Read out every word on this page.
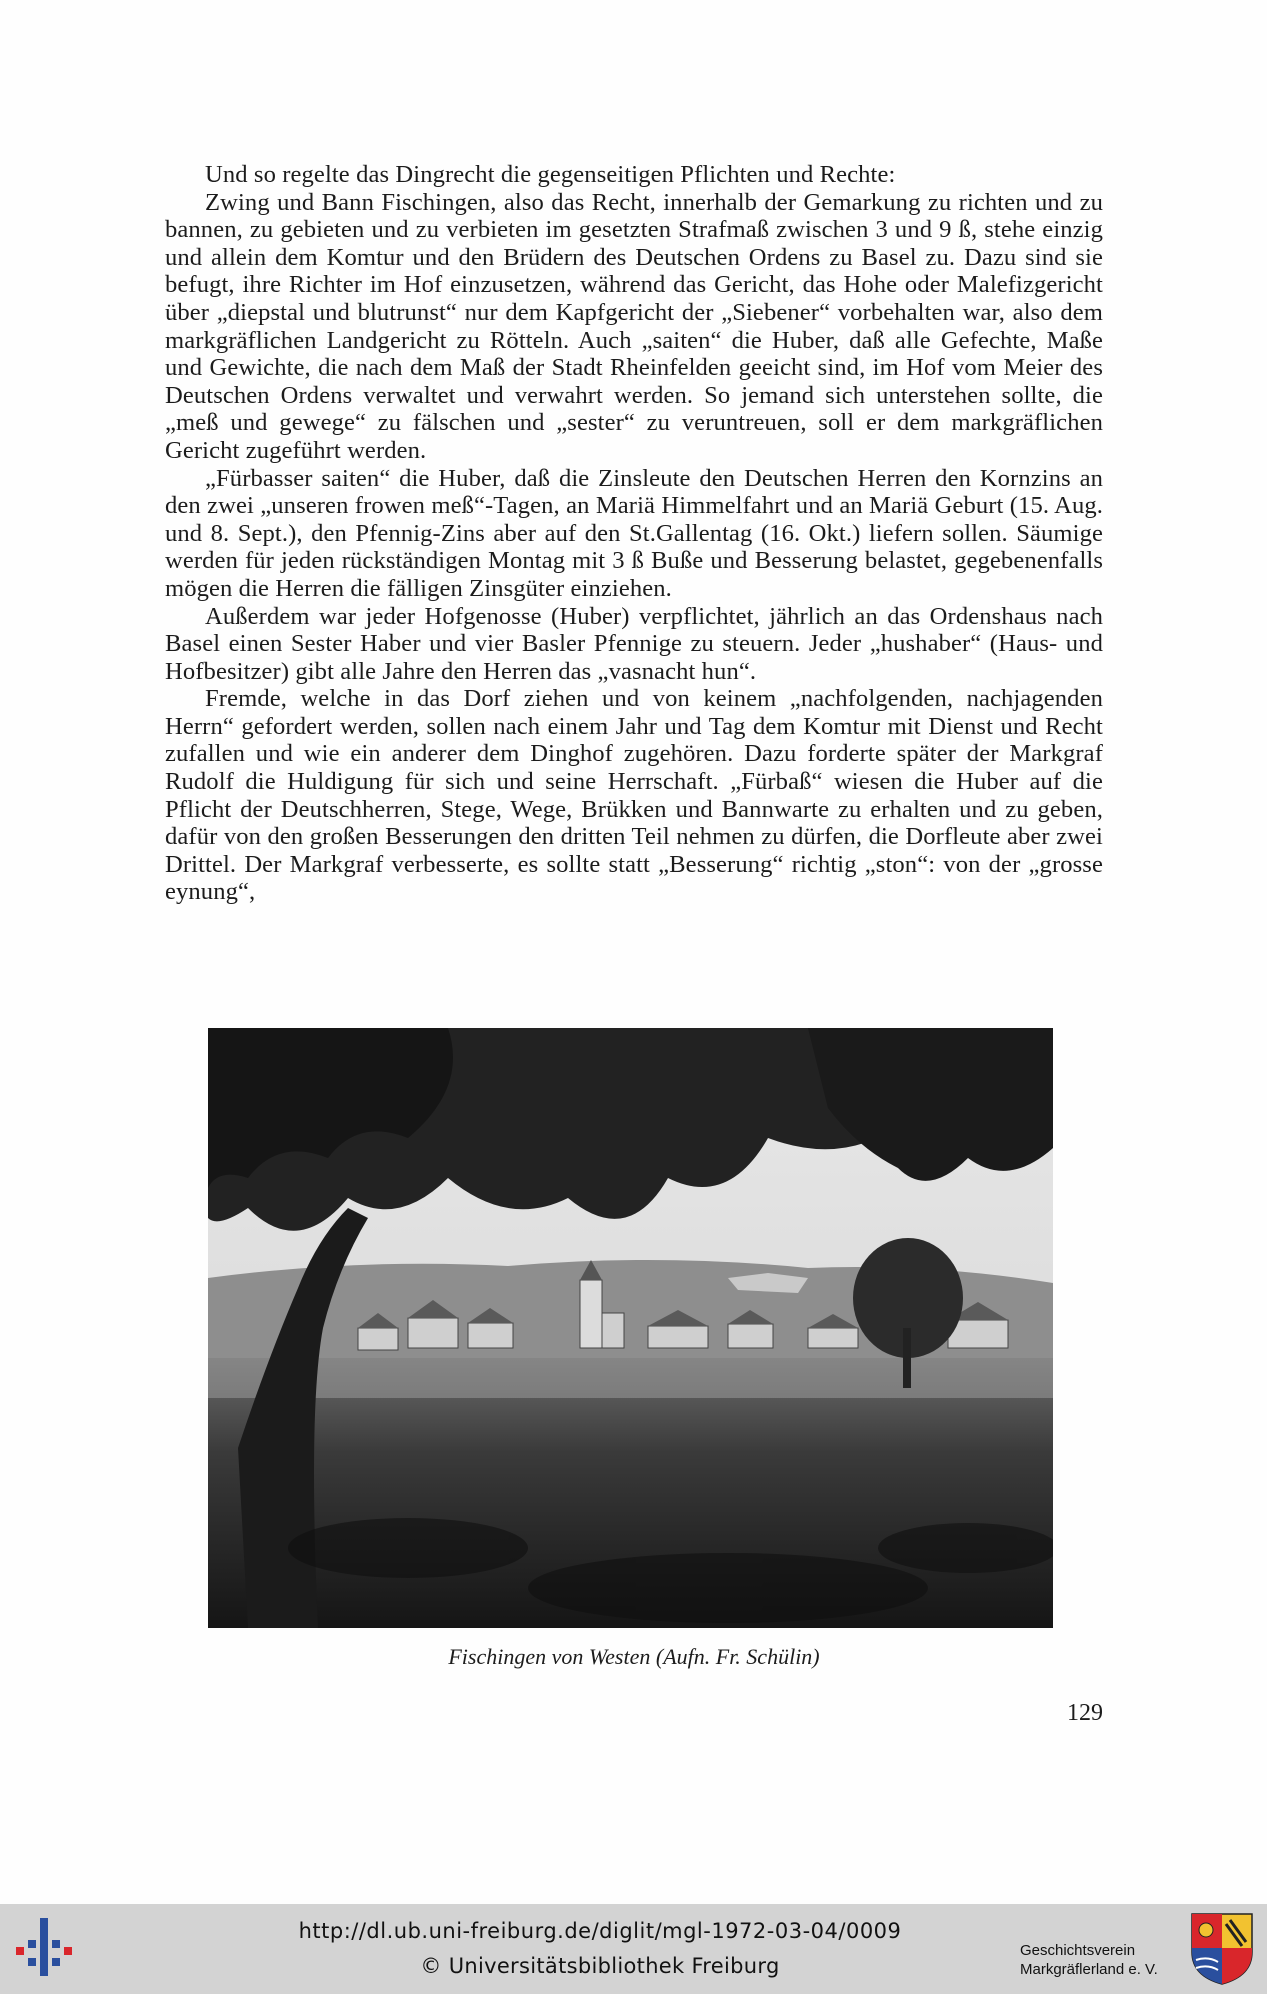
Und so regelte das Dingrecht die gegenseitigen Pflichten und Rechte:

Zwing und Bann Fischingen, also das Recht, innerhalb der Gemarkung zu richten und zu bannen, zu gebieten und zu verbieten im gesetzten Strafmaß zwischen 3 und 9 ß, stehe einzig und allein dem Komtur und den Brüdern des Deutschen Ordens zu Basel zu. Dazu sind sie befugt, ihre Richter im Hof einzusetzen, während das Gericht, das Hohe oder Malefizgericht über „diepstal und blutrunst“ nur dem Kapfgericht der „Siebener“ vorbehalten war, also dem markgräflichen Landgericht zu Rötteln. Auch „saiten“ die Huber, daß alle Gefechte, Maße und Gewichte, die nach dem Maß der Stadt Rheinfelden geeicht sind, im Hof vom Meier des Deutschen Ordens verwaltet und verwahrt werden. So jemand sich unterstehen sollte, die „meß und gewege“ zu fälschen und „sester“ zu veruntreuen, soll er dem markgräflichen Gericht zugeführt werden.

„Fürbasser saiten“ die Huber, daß die Zinsleute den Deutschen Herren den Kornzins an den zwei „unseren frowen meß“-Tagen, an Mariä Himmelfahrt und an Mariä Geburt (15. Aug. und 8. Sept.), den Pfennig-Zins aber auf den St.Gallentag (16. Okt.) liefern sollen. Säumige werden für jeden rückständigen Montag mit 3 ß Buße und Besserung belastet, gegebenenfalls mögen die Herren die fälligen Zinsgüter einziehen.

Außerdem war jeder Hofgenosse (Huber) verpflichtet, jährlich an das Ordenshaus nach Basel einen Sester Haber und vier Basler Pfennige zu steuern. Jeder „hushaber“ (Haus- und Hofbesitzer) gibt alle Jahre den Herren das „vasnacht hun“.

Fremde, welche in das Dorf ziehen und von keinem „nachfolgenden, nachjagenden Herrn“ gefordert werden, sollen nach einem Jahr und Tag dem Komtur mit Dienst und Recht zufallen und wie ein anderer dem Dinghof zugehören. Dazu forderte später der Markgraf Rudolf die Huldigung für sich und seine Herrschaft. „Fürbaß“ wiesen die Huber auf die Pflicht der Deutschherren, Stege, Wege, Brükken und Bannwarte zu erhalten und zu geben, dafür von den großen Besserungen den dritten Teil nehmen zu dürfen, die Dorfleute aber zwei Drittel. Der Markgraf verbesserte, es sollte statt „Besserung“ richtig „ston“: von der „grosse eynung“,

Fischingen von Westen (Aufn. Fr. Schülin)
129
http://dl.ub.uni-freiburg.de/diglit/mgl-1972-03-04/0009
© Universitätsbibliothek Freiburg
Geschichtsverein
Markgräflerland e. V.
